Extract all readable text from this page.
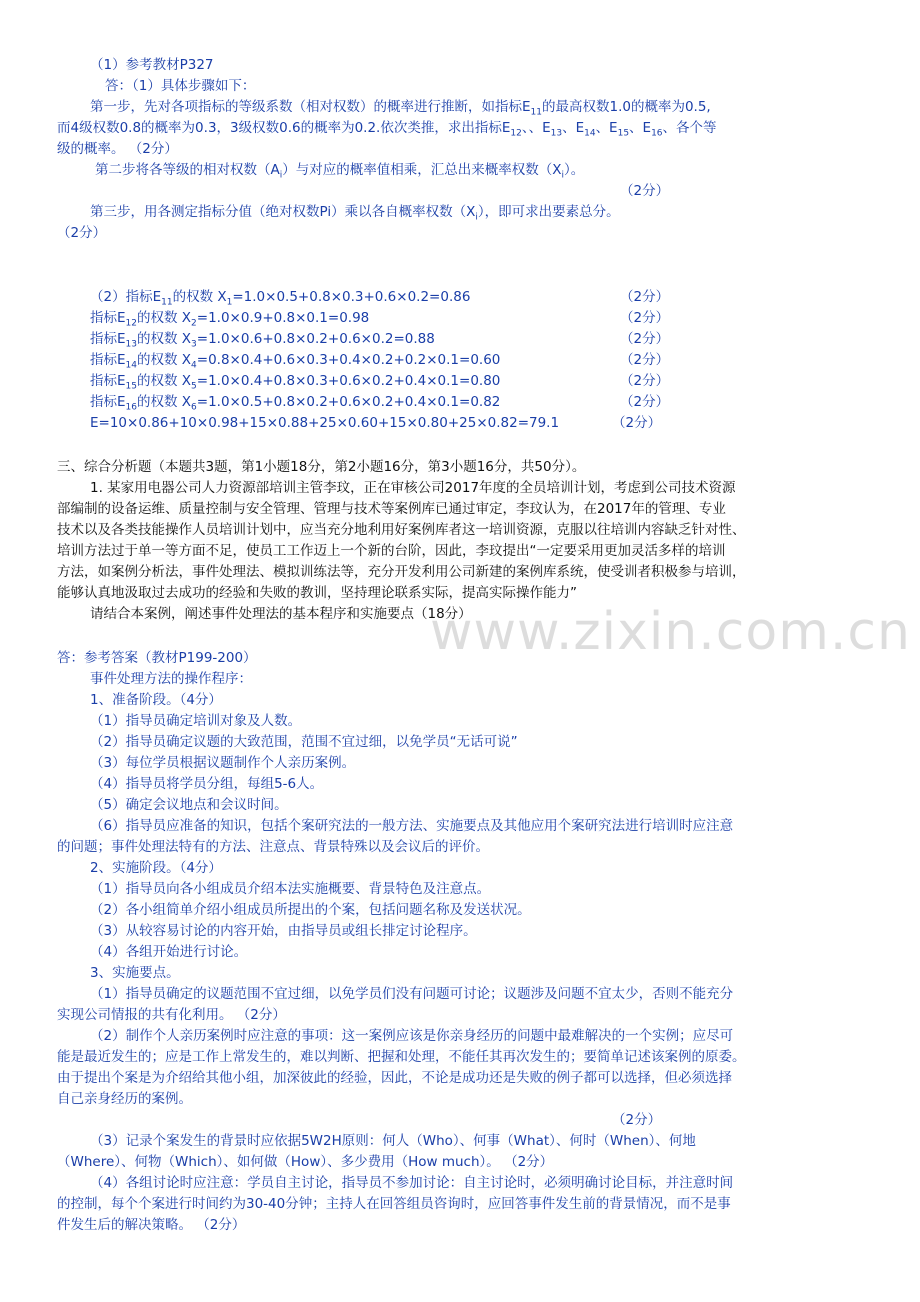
www.zixin.com.cn
（1）参考教材P327
答：（1）具体步骤如下：
第一步，先对各项指标的等级系数（相对权数）的概率进行推断，如指标$E_{11}$的最高权数1.0的概率为0.5,
而4级权数0.8的概率为0.3，3级权数0.6的概率为0.2.依次类推，求出指标$E_{12}$、、$E_{13}$、$E_{14}$、$E_{15}$、$E_{16}$、各个等
级的概率。 （2分）
第二步将各等级的相对权数$(A_i)$与对应的概率值相乘，汇总出来概率权数$(X_i)$。
（2分）
第三步，用各测定指标分值（绝对权数Pi）乘以各自概率权数$(X_i)$，即可求出要素总分。
（2分）
（2）指标$E_{11}$的权数 $X_1=1.0\times 0.5+0.8\times 0.3+0.6\times 0.2=0.86$	（2分）
指标$E_{12}$的权数 $X_2=1.0\times 0.9+0.8\times 0.1=0.98$	（2分）
指标$E_{13}$的权数 $X_3=1.0\times 0.6+0.8\times 0.2+0.6\times 0.2=0.88$	（2分）
指标$E_{14}$的权数 $X_4=0.8\times 0.4+0.6\times 0.3+0.4\times 0.2+0.2\times 0.1=0.60$	（2分）
指标$E_{15}$的权数 $X_5=1.0\times 0.4+0.8\times 0.3+0.6\times 0.2+0.4\times 0.1=0.80$	（2分）
指标$E_{16}$的权数 $X_6=1.0\times 0.5+0.8\times 0.2+0.6\times 0.2+0.4\times 0.1=0.82$	（2分）
E=10×0.86+10×0.98+15×0.88+25×0.60+15×0.80+25×0.82=79.1	（2分）
三、综合分析题（本题共3题，第1小题18分，第2小题16分，第3小题16分，共50分）。
1. 某家用电器公司人力资源部培训主管李玟，正在审核公司2017年度的全员培训计划，考虑到公司技术资源
部编制的设备运维、质量控制与安全管理、管理与技术等案例库已通过审定，李玟认为，在2017年的管理、专业
技术以及各类技能操作人员培训计划中，应当充分地利用好案例库者这一培训资源，克服以往培训内容缺乏针对性、
培训方法过于单一等方面不足，使员工工作迈上一个新的台阶，因此，李玟提出“一定要采用更加灵活多样的培训
方法，如案例分析法，事件处理法、模拟训练法等，充分开发利用公司新建的案例库系统，使受训者积极参与培训，
能够认真地汲取过去成功的经验和失败的教训，坚持理论联系实际，提高实际操作能力”
请结合本案例，阐述事件处理法的基本程序和实施要点（18分）
答：参考答案（教材P199-200）
事件处理方法的操作程序：
1、准备阶段。（4分）
（1）指导员确定培训对象及人数。
（2）指导员确定议题的大致范围，范围不宜过细，以免学员“无话可说”
（3）每位学员根据议题制作个人亲历案例。
（4）指导员将学员分组，每组5-6人。
（5）确定会议地点和会议时间。
（6）指导员应准备的知识，包括个案研究法的一般方法、实施要点及其他应用个案研究法进行培训时应注意
的问题；事件处理法特有的方法、注意点、背景特殊以及会议后的评价。
2、实施阶段。（4分）
（1）指导员向各小组成员介绍本法实施概要、背景特色及注意点。
（2）各小组简单介绍小组成员所提出的个案，包括问题名称及发送状况。
（3）从较容易讨论的内容开始，由指导员或组长排定讨论程序。
（4）各组开始进行讨论。
3、实施要点。
（1）指导员确定的议题范围不宜过细，以免学员们没有问题可讨论；议题涉及问题不宜太少，否则不能充分
实现公司情报的共有化利用。 （2分）
（2）制作个人亲历案例时应注意的事项：这一案例应该是你亲身经历的问题中最难解决的一个实例；应尽可
能是最近发生的；应是工作上常发生的，难以判断、把握和处理，不能任其再次发生的；要简单记述该案例的原委。
由于提出个案是为介绍给其他小组，加深彼此的经验，因此，不论是成功还是失败的例子都可以选择，但必须选择
自己亲身经历的案例。
（2分）
（3）记录个案发生的背景时应依据5W2H原则：何人（Who）、何事（What）、何时（When）、何地
（Where）、何物（Which）、如何做（How）、多少费用（How much）。 （2分）
（4）各组讨论时应注意：学员自主讨论，指导员不参加讨论：自主讨论时，必须明确讨论目标，并注意时间
的控制，每个个案进行时间约为30-40分钟；主持人在回答组员咨询时，应回答事件发生前的背景情况，而不是事
件发生后的解决策略。 （2分）
